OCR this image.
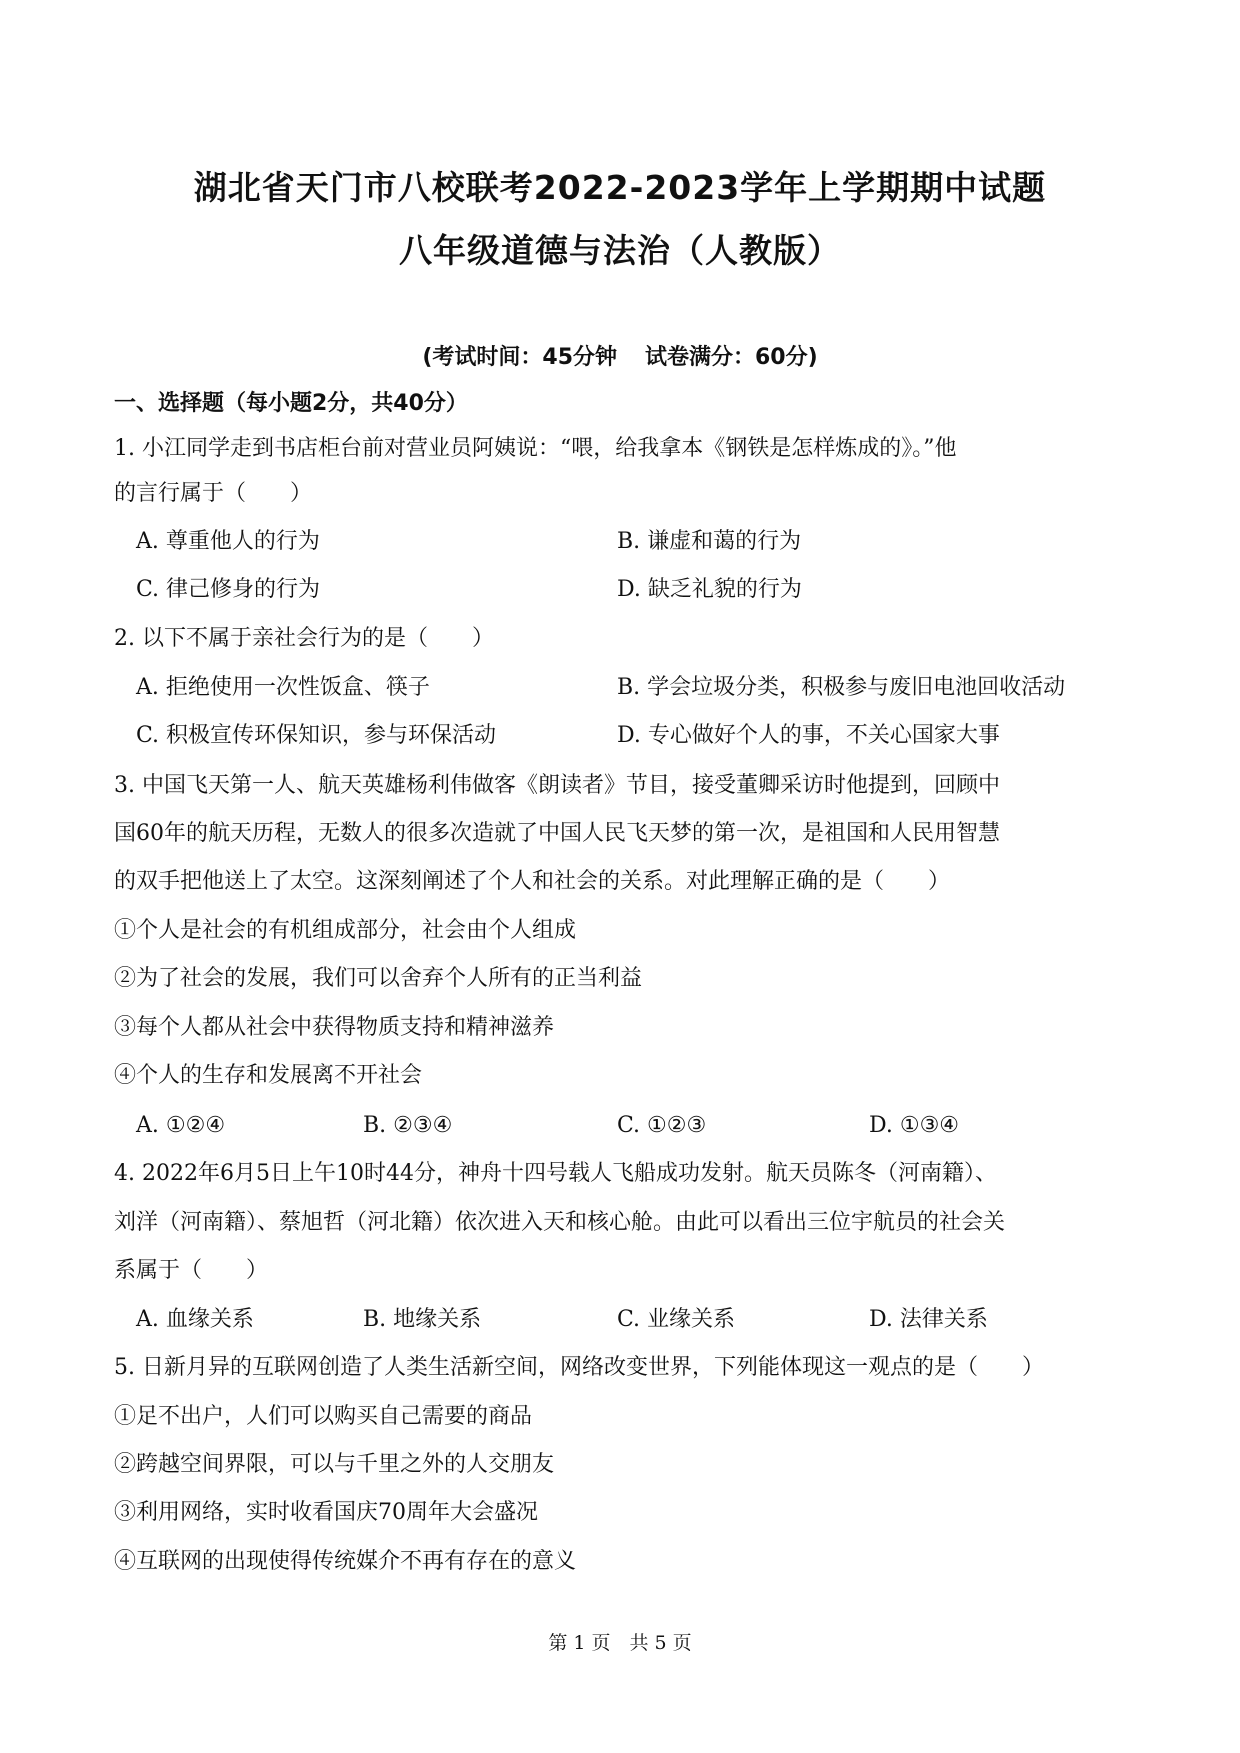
湖北省天门市八校联考2022-2023学年上学期期中试题
八年级道德与法治（人教版）
(考试时间：45分钟 试卷满分：60分)
一、选择题（每小题2分，共40分）
1. 小江同学走到书店柜台前对营业员阿姨说：“喂，给我拿本《钢铁是怎样炼成的》。”他
的言行属于（　　）
A. 尊重他人的行为	B. 谦虚和蔼的行为
C. 律己修身的行为	D. 缺乏礼貌的行为
2. 以下不属于亲社会行为的是（　　）
A. 拒绝使用一次性饭盒、筷子	B. 学会垃圾分类，积极参与废旧电池回收活动
C. 积极宣传环保知识，参与环保活动	D. 专心做好个人的事，不关心国家大事
3. 中国飞天第一人、航天英雄杨利伟做客《朗读者》节目，接受董卿采访时他提到，回顾中
国60年的航天历程，无数人的很多次造就了中国人民飞天梦的第一次，是祖国和人民用智慧
的双手把他送上了太空。这深刻阐述了个人和社会的关系。对此理解正确的是（　　）
①个人是社会的有机组成部分，社会由个人组成
②为了社会的发展，我们可以舍弃个人所有的正当利益
③每个人都从社会中获得物质支持和精神滋养
④个人的生存和发展离不开社会
A. ①②④	B. ②③④	C. ①②③	D. ①③④
4. 2022年6月5日上午10时44分，神舟十四号载人飞船成功发射。航天员陈冬（河南籍）、
刘洋（河南籍）、蔡旭哲（河北籍）依次进入天和核心舱。由此可以看出三位宇航员的社会关
系属于（　　）
A. 血缘关系	B. 地缘关系	C. 业缘关系	D. 法律关系
5. 日新月异的互联网创造了人类生活新空间，网络改变世界，下列能体现这一观点的是（　　）
①足不出户，人们可以购买自己需要的商品
②跨越空间界限，可以与千里之外的人交朋友
③利用网络，实时收看国庆70周年大会盛况
④互联网的出现使得传统媒介不再有存在的意义
第 1 页　共 5 页
